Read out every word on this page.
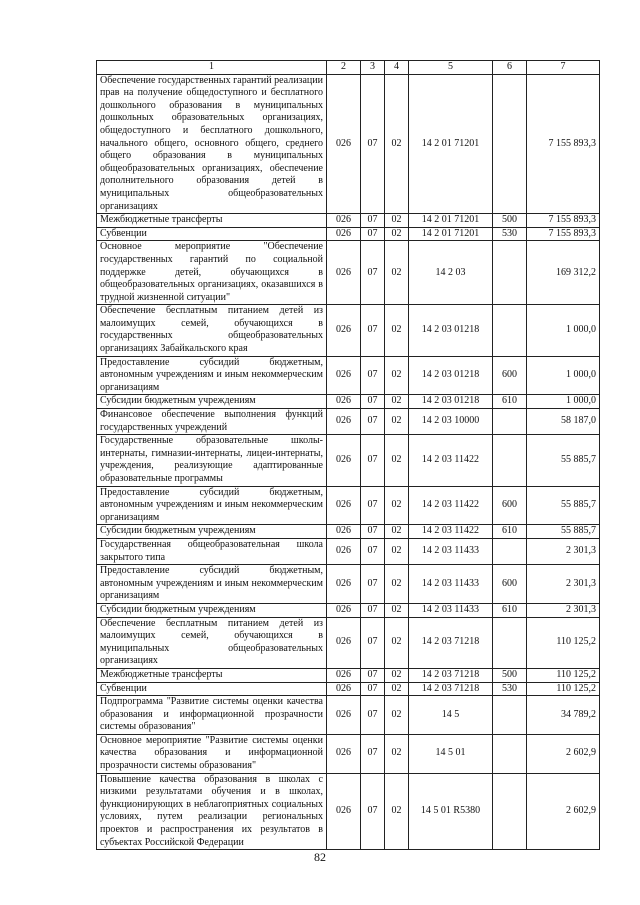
1	2	3	4	5	6	7
Обеспечение государственных гарантий реализации прав на получение общедоступного и бесплатного дошкольного образования в муниципальных дошкольных образовательных организациях, общедоступного и бесплатного дошкольного, начального общего, основного общего, среднего общего образования в муниципальных общеобразовательных организациях, обеспечение дополнительного образования детей в муниципальных общеобразовательных организациях	026	07	02	14 2 01 71201		7 155 893,3
Межбюджетные трансферты	026	07	02	14 2 01 71201	500	7 155 893,3
Субвенции	026	07	02	14 2 01 71201	530	7 155 893,3
Основное мероприятие "Обеспечение государственных гарантий по социальной поддержке детей, обучающихся в общеобразовательных организациях, оказавшихся в трудной жизненной ситуации"	026	07	02	14 2 03		169 312,2
Обеспечение бесплатным питанием детей из малоимущих семей, обучающихся в государственных общеобразовательных организациях Забайкальского края	026	07	02	14 2 03 01218		1 000,0
Предоставление субсидий бюджетным, автономным учреждениям и иным некоммерческим организациям	026	07	02	14 2 03 01218	600	1 000,0
Субсидии бюджетным учреждениям	026	07	02	14 2 03 01218	610	1 000,0
Финансовое обеспечение выполнения функций государственных учреждений	026	07	02	14 2 03 10000		58 187,0
Государственные образовательные школы-интернаты, гимназии-интернаты, лицеи-интернаты, учреждения, реализующие адаптированные образовательные программы	026	07	02	14 2 03 11422		55 885,7
Предоставление субсидий бюджетным, автономным учреждениям и иным некоммерческим организациям	026	07	02	14 2 03 11422	600	55 885,7
Субсидии бюджетным учреждениям	026	07	02	14 2 03 11422	610	55 885,7
Государственная общеобразовательная школа закрытого типа	026	07	02	14 2 03 11433		2 301,3
Предоставление субсидий бюджетным, автономным учреждениям и иным некоммерческим организациям	026	07	02	14 2 03 11433	600	2 301,3
Субсидии бюджетным учреждениям	026	07	02	14 2 03 11433	610	2 301,3
Обеспечение бесплатным питанием детей из малоимущих семей, обучающихся в муниципальных общеобразовательных организациях	026	07	02	14 2 03 71218		110 125,2
Межбюджетные трансферты	026	07	02	14 2 03 71218	500	110 125,2
Субвенции	026	07	02	14 2 03 71218	530	110 125,2
Подпрограмма "Развитие системы оценки качества образования и информационной прозрачности системы образования"	026	07	02	14 5		34 789,2
Основное мероприятие "Развитие системы оценки качества образования и информационной прозрачности системы образования"	026	07	02	14 5 01		2 602,9
Повышение качества образования в школах с низкими результатами обучения и в школах, функционирующих в неблагоприятных социальных условиях, путем реализации региональных проектов и распространения их результатов в субъектах Российской Федерации	026	07	02	14 5 01 R5380		2 602,9
82
